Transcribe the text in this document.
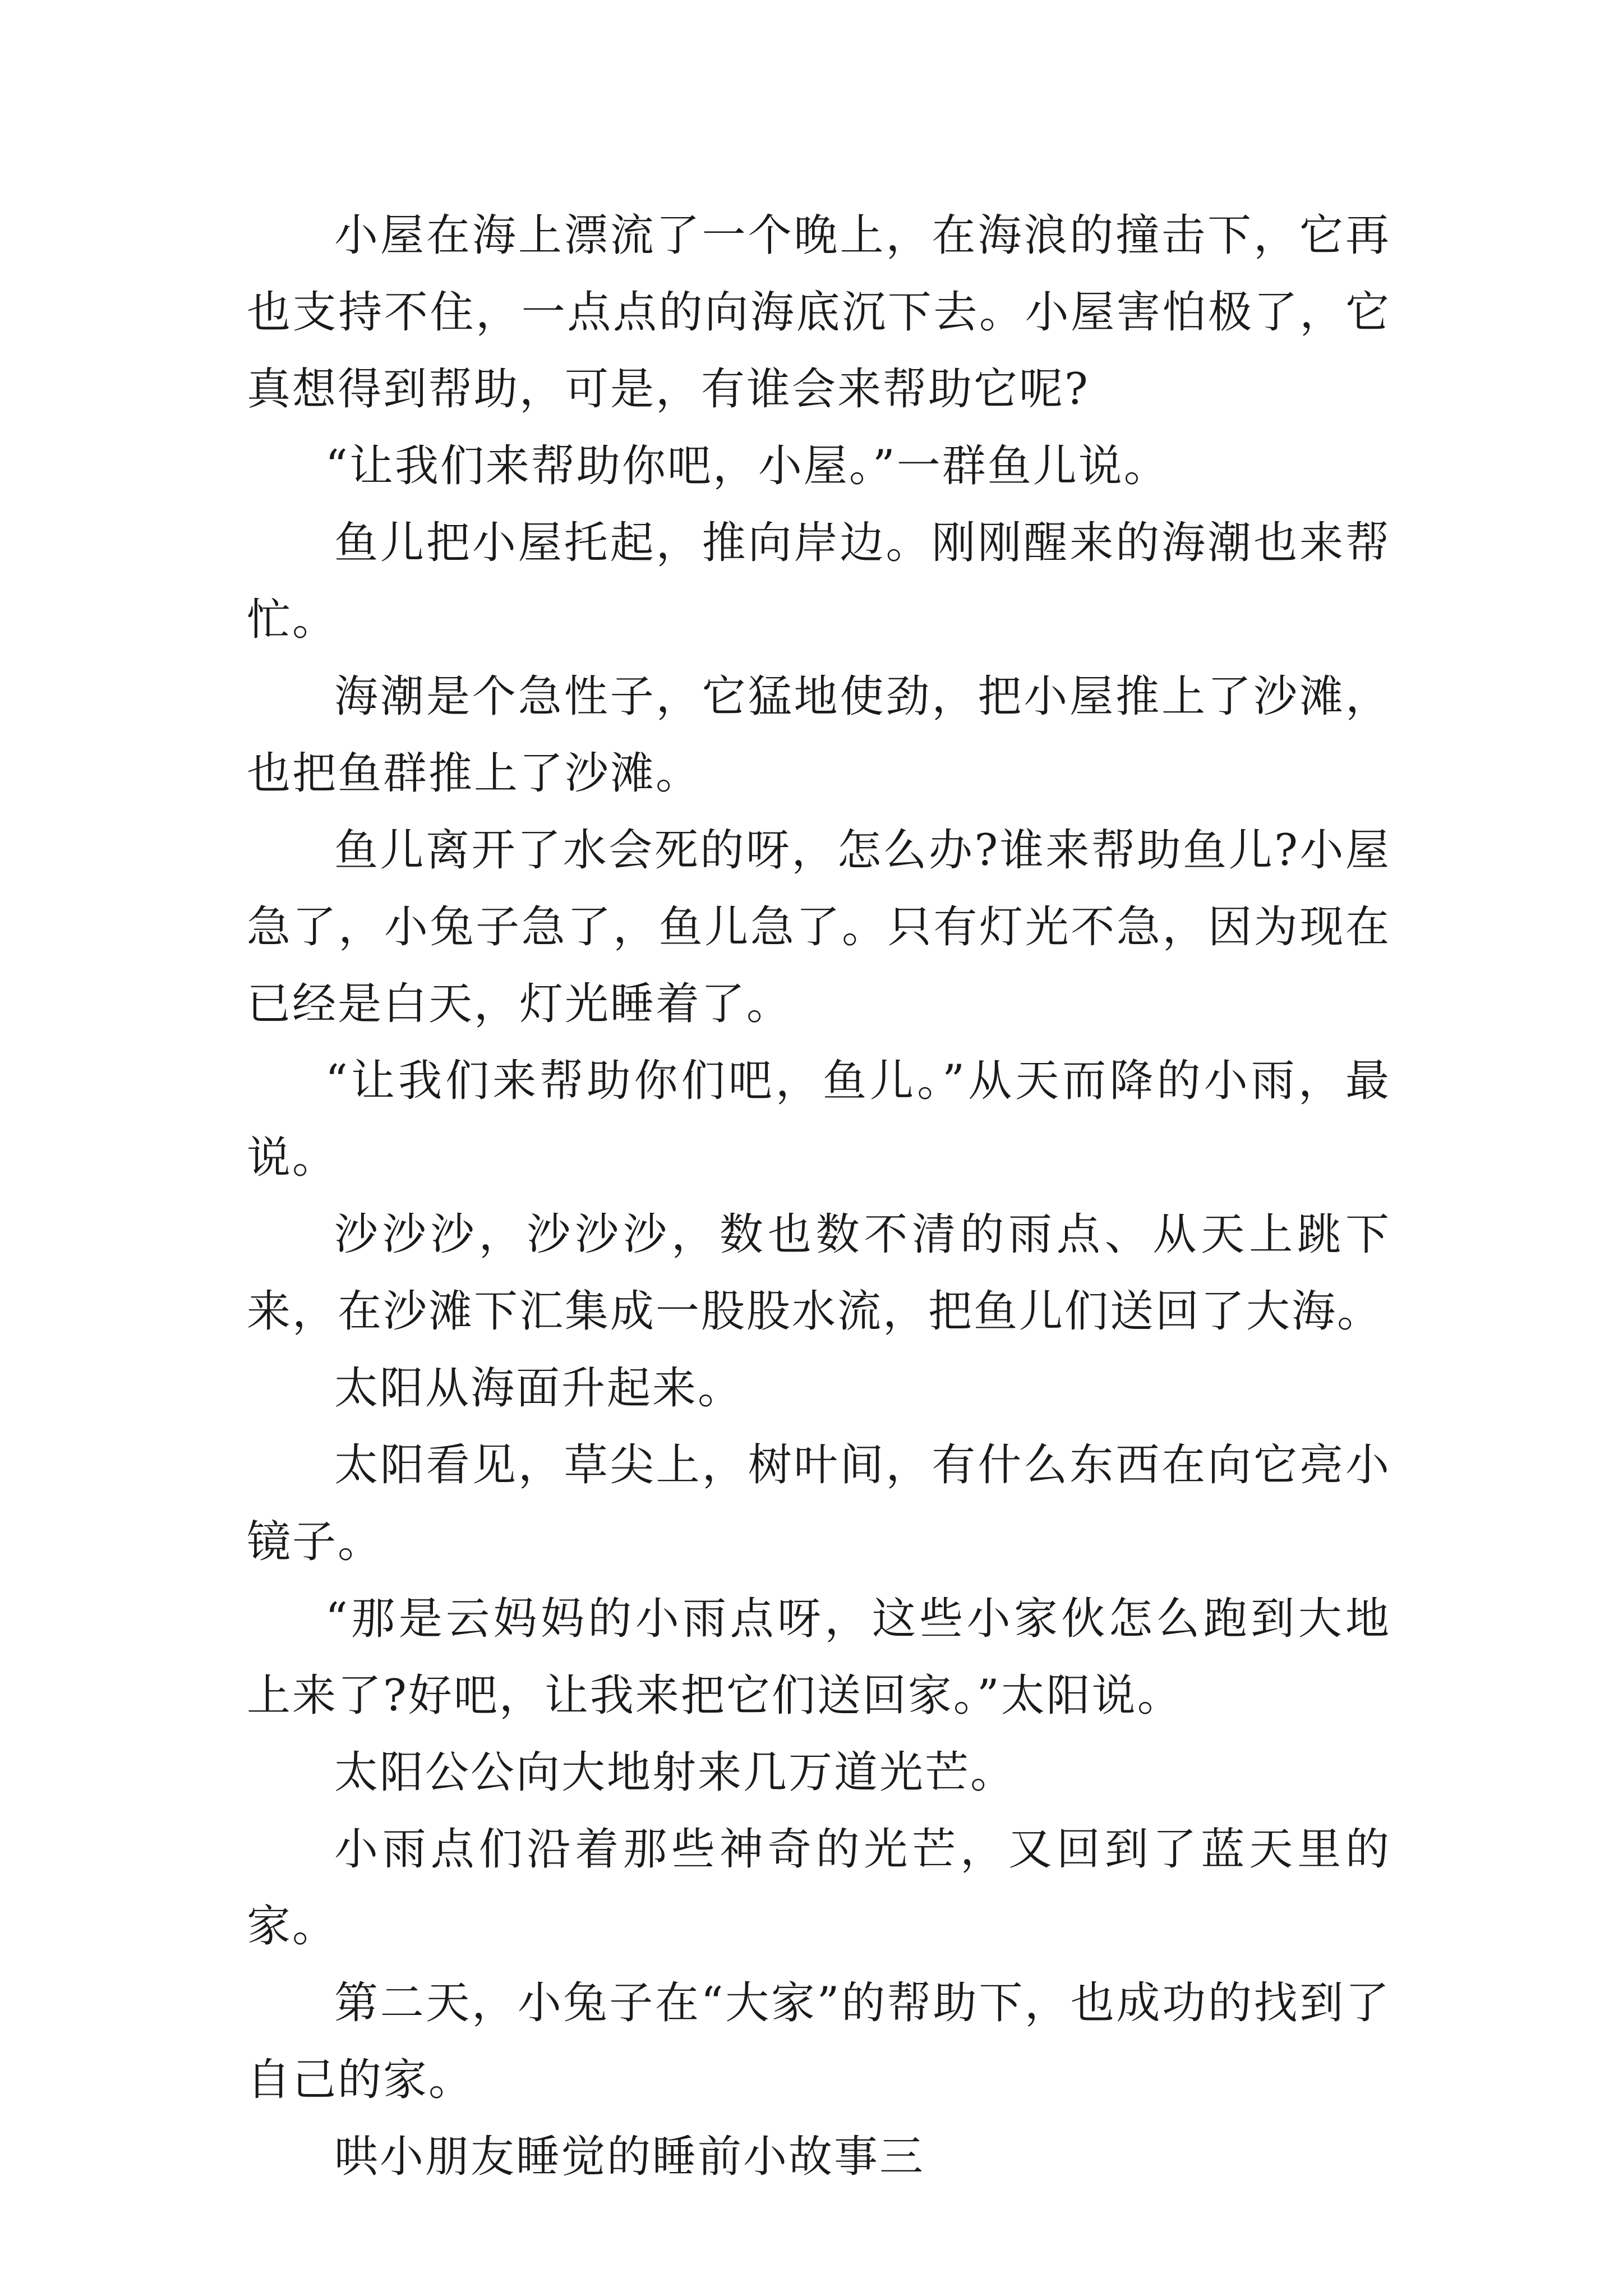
小屋在海上漂流了一个晚上，在海浪的撞击下，它再也支持不住，一点点的向海底沉下去。小屋害怕极了，它真想得到帮助，可是，有谁会来帮助它呢?

“让我们来帮助你吧，小屋。”一群鱼儿说。

鱼儿把小屋托起，推向岸边。刚刚醒来的海潮也来帮忙。

海潮是个急性子，它猛地使劲，把小屋推上了沙滩，也把鱼群推上了沙滩。

鱼儿离开了水会死的呀，怎么办?谁来帮助鱼儿?小屋急了，小兔子急了，鱼儿急了。只有灯光不急，因为现在已经是白天，灯光睡着了。

“让我们来帮助你们吧，鱼儿。”从天而降的小雨，最说。

沙沙沙，沙沙沙，数也数不清的雨点、从天上跳下来，在沙滩下汇集成一股股水流，把鱼儿们送回了大海。

太阳从海面升起来。

太阳看见，草尖上，树叶间，有什么东西在向它亮小镜子。

“那是云妈妈的小雨点呀，这些小家伙怎么跑到大地上来了?好吧，让我来把它们送回家。”太阳说。

太阳公公向大地射来几万道光芒。

小雨点们沿着那些神奇的光芒，又回到了蓝天里的家。

第二天，小兔子在“大家”的帮助下，也成功的找到了自己的家。

哄小朋友睡觉的睡前小故事三
